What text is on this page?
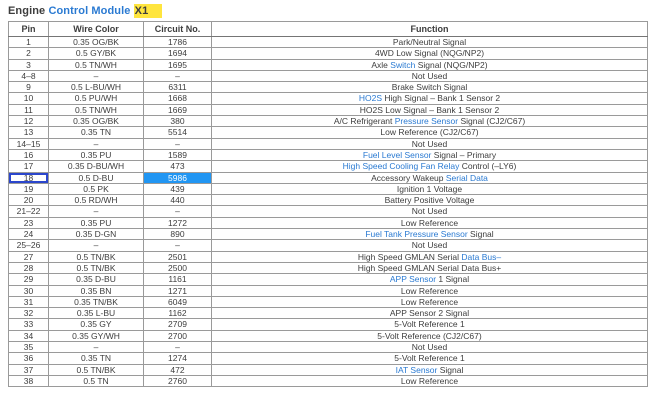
Engine Control Module X1
Pin	Wire Color	Circuit No.	Function
1	0.35 OG/BK	1786	Park/Neutral Signal
2	0.5 GY/BK	1694	4WD Low Signal (NQG/NP2)
3	0.5 TN/WH	1695	Axle Switch Signal (NQG/NP2)
4–8	–	–	Not Used
9	0.5 L-BU/WH	6311	Brake Switch Signal
10	0.5 PU/WH	1668	HO2S High Signal – Bank 1 Sensor 2
11	0.5 TN/WH	1669	HO2S Low Signal – Bank 1 Sensor 2
12	0.35 OG/BK	380	A/C Refrigerant Pressure Sensor Signal (CJ2/C67)
13	0.35 TN	5514	Low Reference (CJ2/C67)
14–15	–	–	Not Used
16	0.35 PU	1589	Fuel Level Sensor Signal – Primary
17	0.35 D-BU/WH	473	High Speed Cooling Fan Relay Control (–LY6)
18	0.5 D-BU	5986	Accessory Wakeup Serial Data
19	0.5 PK	439	Ignition 1 Voltage
20	0.5 RD/WH	440	Battery Positive Voltage
21–22	–	–	Not Used
23	0.35 PU	1272	Low Reference
24	0.35 D-GN	890	Fuel Tank Pressure Sensor Signal
25–26	–	–	Not Used
27	0.5 TN/BK	2501	High Speed GMLAN Serial Data Bus–
28	0.5 TN/BK	2500	High Speed GMLAN Serial Data Bus+
29	0.35 D-BU	1161	APP Sensor 1 Signal
30	0.35 BN	1271	Low Reference
31	0.35 TN/BK	6049	Low Reference
32	0.35 L-BU	1162	APP Sensor 2 Signal
33	0.35 GY	2709	5-Volt Reference 1
34	0.35 GY/WH	2700	5-Volt Reference (CJ2/C67)
35	–	–	Not Used
36	0.35 TN	1274	5-Volt Reference 1
37	0.5 TN/BK	472	IAT Sensor Signal
38	0.5 TN	2760	Low Reference
